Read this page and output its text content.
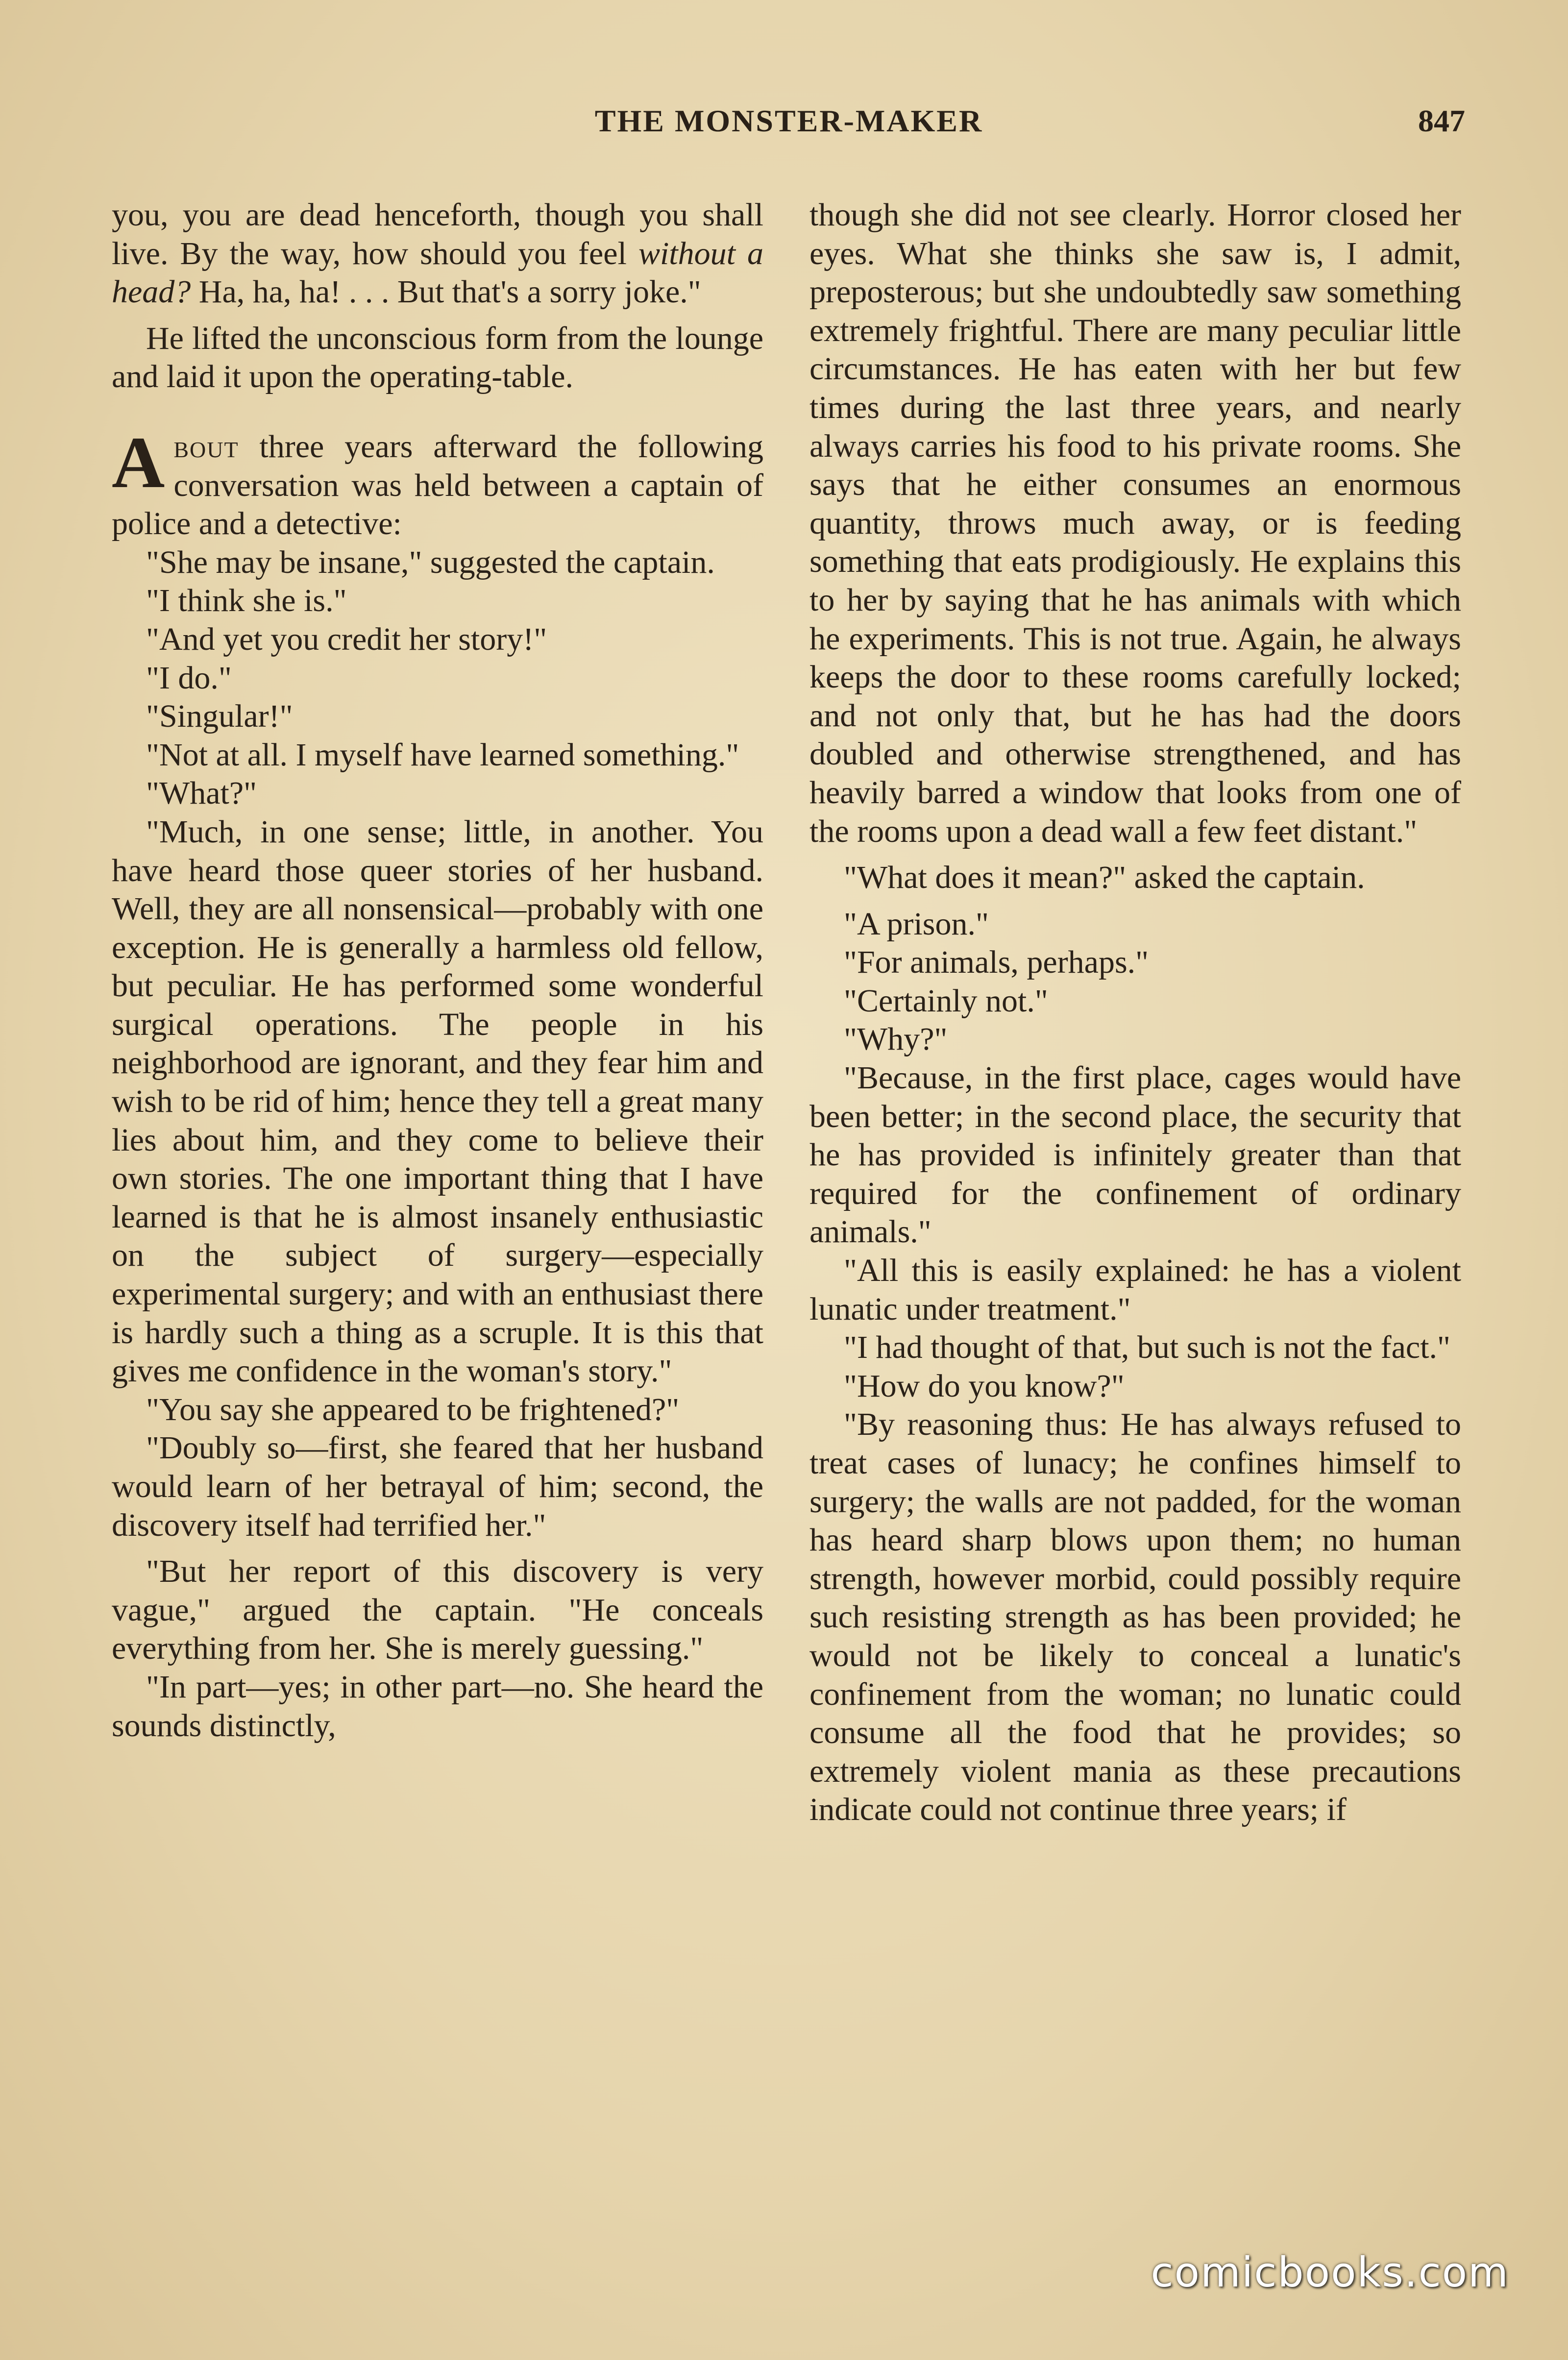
THE MONSTER-MAKER	847

you, you are dead henceforth, though you shall live. By the way, how should you feel without a head? Ha, ha, ha! . . . But that's a sorry joke."

He lifted the unconscious form from the lounge and laid it upon the operating-table.

About three years afterward the following conversation was held between a captain of police and a detective:

"She may be insane," suggested the captain.

"I think she is."

"And yet you credit her story!"

"I do."

"Singular!"

"Not at all. I myself have learned something."

"What?"

"Much, in one sense; little, in another. You have heard those queer stories of her husband. Well, they are all nonsensical—probably with one exception. He is generally a harmless old fellow, but peculiar. He has performed some wonderful surgical operations. The people in his neighborhood are ignorant, and they fear him and wish to be rid of him; hence they tell a great many lies about him, and they come to believe their own stories. The one important thing that I have learned is that he is almost insanely enthusiastic on the subject of surgery—especially experimental surgery; and with an enthusiast there is hardly such a thing as a scruple. It is this that gives me confidence in the woman's story."

"You say she appeared to be frightened?"

"Doubly so—first, she feared that her husband would learn of her betrayal of him; second, the discovery itself had terrified her."

"But her report of this discovery is very vague," argued the captain. "He conceals everything from her. She is merely guessing."

"In part—yes; in other part—no. She heard the sounds distinctly,

though she did not see clearly. Horror closed her eyes. What she thinks she saw is, I admit, preposterous; but she undoubtedly saw something extremely frightful. There are many peculiar little circumstances. He has eaten with her but few times during the last three years, and nearly always carries his food to his private rooms. She says that he either consumes an enormous quantity, throws much away, or is feeding something that eats prodigiously. He explains this to her by saying that he has animals with which he experiments. This is not true. Again, he always keeps the door to these rooms carefully locked; and not only that, but he has had the doors doubled and otherwise strengthened, and has heavily barred a window that looks from one of the rooms upon a dead wall a few feet distant."

"What does it mean?" asked the captain.

"A prison."

"For animals, perhaps."

"Certainly not."

"Why?"

"Because, in the first place, cages would have been better; in the second place, the security that he has provided is infinitely greater than that required for the confinement of ordinary animals."

"All this is easily explained: he has a violent lunatic under treatment."

"I had thought of that, but such is not the fact."

"How do you know?"

"By reasoning thus: He has always refused to treat cases of lunacy; he confines himself to surgery; the walls are not padded, for the woman has heard sharp blows upon them; no human strength, however morbid, could possibly require such resisting strength as has been provided; he would not be likely to conceal a lunatic's confinement from the woman; no lunatic could consume all the food that he provides; so extremely violent mania as these precautions indicate could not continue three years; if

comicbooks.com
